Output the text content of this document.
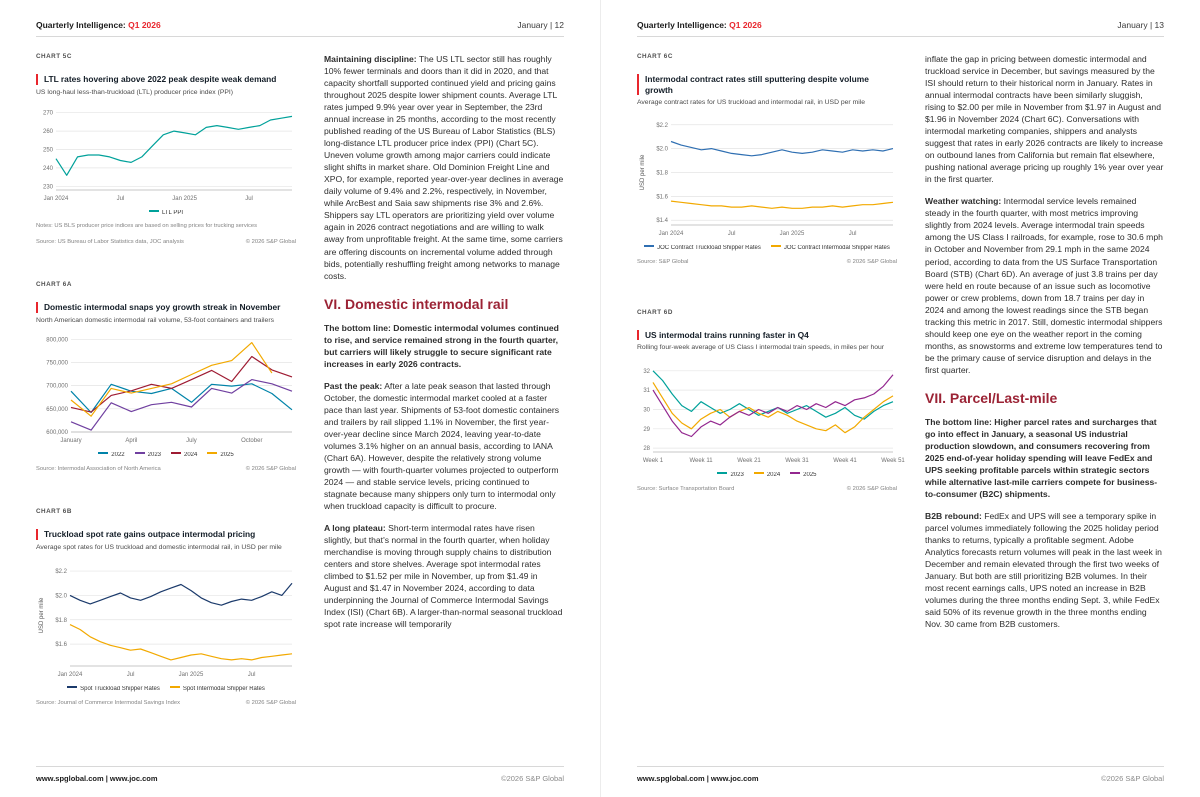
Quarterly Intelligence: Q1 2026	January | 12
CHART 5C
LTL rates hovering above 2022 peak despite weak demand

US long-haul less-than-truckload (LTL) producer price index (PPI)

230
240
250
260
270
Jan 2024	Jul	Jan 2025	Jul
LTL PPI

Notes: US BLS producer price indices are based on selling prices for trucking services

Source: US Bureau of Labor Statistics data, JOC analysis	© 2026 S&P Global
CHART 6A
Domestic intermodal snaps yoy growth streak in November

North American domestic intermodal rail volume, 53-foot containers and trailers

600,000
650,000
700,000
750,000
800,000
January	April	July	October
2022	2023	2024	2025
Source: Intermodal Association of North America	© 2026 S&P Global
CHART 6B
Truckload spot rate gains outpace intermodal pricing

Average spot rates for US truckload and domestic intermodal rail, in USD per mile

$1.6
$1.8
$2.0
$2.2
Jan 2024	Jul	Jan 2025	Jul
USD per mile
Spot Truckload Shipper Rates	Spot Intermodal Shipper Rates
Source: Journal of Commerce Intermodal Savings Index	© 2026 S&P Global

Maintaining discipline: The US LTL sector still has roughly 10% fewer terminals and doors than it did in 2020, and that capacity shortfall supported continued yield and pricing gains throughout 2025 despite lower shipment counts. Average LTL rates jumped 9.9% year over year in September, the 23rd annual increase in 25 months, according to the most recently published reading of the US Bureau of Labor Statistics (BLS) long-distance LTL producer price index (PPI) (Chart 5C). Uneven volume growth among major carriers could indicate slight shifts in market share. Old Dominion Freight Line and XPO, for example, reported year-over-year declines in average daily volume of 9.4% and 2.2%, respectively, in November, while ArcBest and Saia saw shipments rise 3% and 2.6%. Shippers say LTL operators are prioritizing yield over volume again in 2026 contract negotiations and are willing to walk away from unprofitable freight. At the same time, some carriers are offering discounts on incremental volume added through bids, potentially reshuffling freight among networks to manage costs.

VI. Domestic intermodal rail

The bottom line: Domestic intermodal volumes continued to rise, and service remained strong in the fourth quarter, but carriers will likely struggle to secure significant rate increases in early 2026 contracts.

Past the peak: After a late peak season that lasted through October, the domestic intermodal market cooled at a faster pace than last year. Shipments of 53-foot domestic containers and trailers by rail slipped 1.1% in November, the first year-over-year decline since March 2024, leaving year-to-date volumes 3.1% higher on an annual basis, according to IANA (Chart 6A). However, despite the relatively strong volume growth — with fourth-quarter volumes projected to outperform 2024 — and stable service levels, pricing continued to stagnate because many shippers only turn to intermodal only when truckload capacity is difficult to procure.

A long plateau: Short-term intermodal rates have risen slightly, but that's normal in the fourth quarter, when holiday merchandise is moving through supply chains to distribution centers and store shelves. Average spot intermodal rates climbed to $1.52 per mile in November, up from $1.49 in August and $1.47 in November 2024, according to data underpinning the Journal of Commerce Intermodal Savings Index (ISI) (Chart 6B). A larger-than-normal seasonal truckload spot rate increase will temporarily

www.spglobal.com | www.joc.com	©2026 S&P Global
Quarterly Intelligence: Q1 2026	January | 13
CHART 6C
Intermodal contract rates still sputtering despite volume growth

Average contract rates for US truckload and intermodal rail, in USD per mile

$1.4
$1.6
$1.8
$2.0
$2.2
Jan 2024	Jul	Jan 2025	Jul
USD per mile
JOC Contract Truckload Shipper Rates	JOC Contract Intermodal Shipper Rates
Source: S&P Global	© 2026 S&P Global
CHART 6D
US intermodal trains running faster in Q4

Rolling four-week average of US Class I intermodal train speeds, in miles per hour

28
29
30
31
32
Week 1	Week 11	Week 21	Week 31	Week 41	Week 51
2023	2024	2025
Source: Surface Transportation Board	© 2026 S&P Global

inflate the gap in pricing between domestic intermodal and truckload service in December, but savings measured by the ISI should return to their historical norm in January. Rates in annual intermodal contracts have been similarly sluggish, rising to $2.00 per mile in November from $1.97 in August and $1.96 in November 2024 (Chart 6C). Conversations with intermodal marketing companies, shippers and analysts suggest that rates in early 2026 contracts are likely to increase on outbound lanes from California but remain flat elsewhere, pushing national average pricing up roughly 1% year over year in the first quarter.

Weather watching: Intermodal service levels remained steady in the fourth quarter, with most metrics improving slightly from 2024 levels. Average intermodal train speeds among the US Class I railroads, for example, rose to 30.6 mph in October and November from 29.1 mph in the same 2024 period, according to data from the US Surface Transportation Board (STB) (Chart 6D). An average of just 3.8 trains per day were held en route because of an issue such as locomotive power or crew problems, down from 18.7 trains per day in 2024 and among the lowest readings since the STB began tracking this metric in 2017. Still, domestic intermodal shippers should keep one eye on the weather report in the coming months, as snowstorms and extreme low temperatures tend to be the primary cause of service disruption and delays in the first quarter.

VII. Parcel/Last-mile

The bottom line: Higher parcel rates and surcharges that go into effect in January, a seasonal US industrial production slowdown, and consumers recovering from 2025 end-of-year holiday spending will leave FedEx and UPS seeking profitable parcels within strategic sectors while alternative last-mile carriers compete for business-to-consumer (B2C) shipments.

B2B rebound: FedEx and UPS will see a temporary spike in parcel volumes immediately following the 2025 holiday period thanks to returns, typically a profitable segment. Adobe Analytics forecasts return volumes will peak in the last week in December and remain elevated through the first two weeks of January. But both are still prioritizing B2B volumes. In their most recent earnings calls, UPS noted an increase in B2B volumes during the three months ending Sept. 3, while FedEx said 50% of its revenue growth in the three months ending Nov. 30 came from B2B customers.

www.spglobal.com | www.joc.com	©2026 S&P Global
